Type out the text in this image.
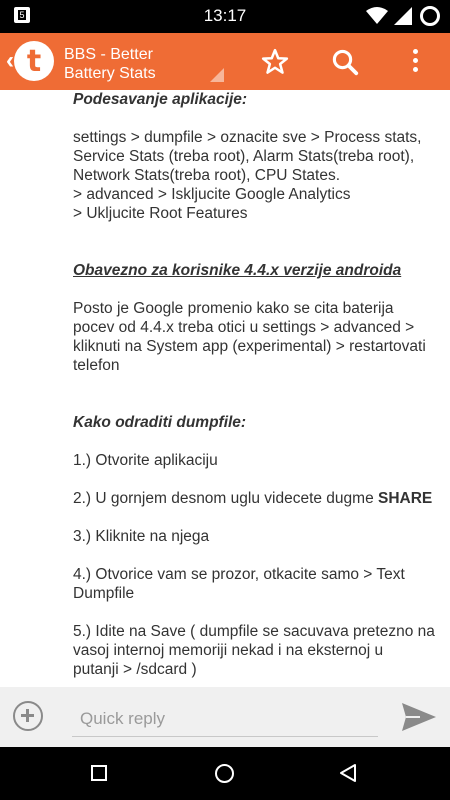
5	13:17
t
‹	BBS - Better
Battery Stats

Podesavanje aplikacije:

settings > dumpfile > oznacite sve > Process stats,

Service Stats (treba root), Alarm Stats(treba root),

Network Stats(treba root), CPU States.

> advanced > Iskljucite Google Analytics

> Ukljucite Root Features

Obavezno za korisnike 4.4.x verzije androida

Posto je Google promenio kako se cita baterija

pocev od 4.4.x treba otici u settings > advanced >

kliknuti na System app (experimental) > restartovati

telefon

Kako odraditi dumpfile:

1.) Otvorite aplikaciju

2.) U gornjem desnom uglu videcete dugme SHARE

3.) Kliknite na njega

4.) Otvorice vam se prozor, otkacite samo > Text

Dumpfile

5.) Idite na Save ( dumpfile se sacuvava pretezno na

vasoj internoj memoriji nekad i na eksternoj u

putanji > /sdcard )

Quick reply
